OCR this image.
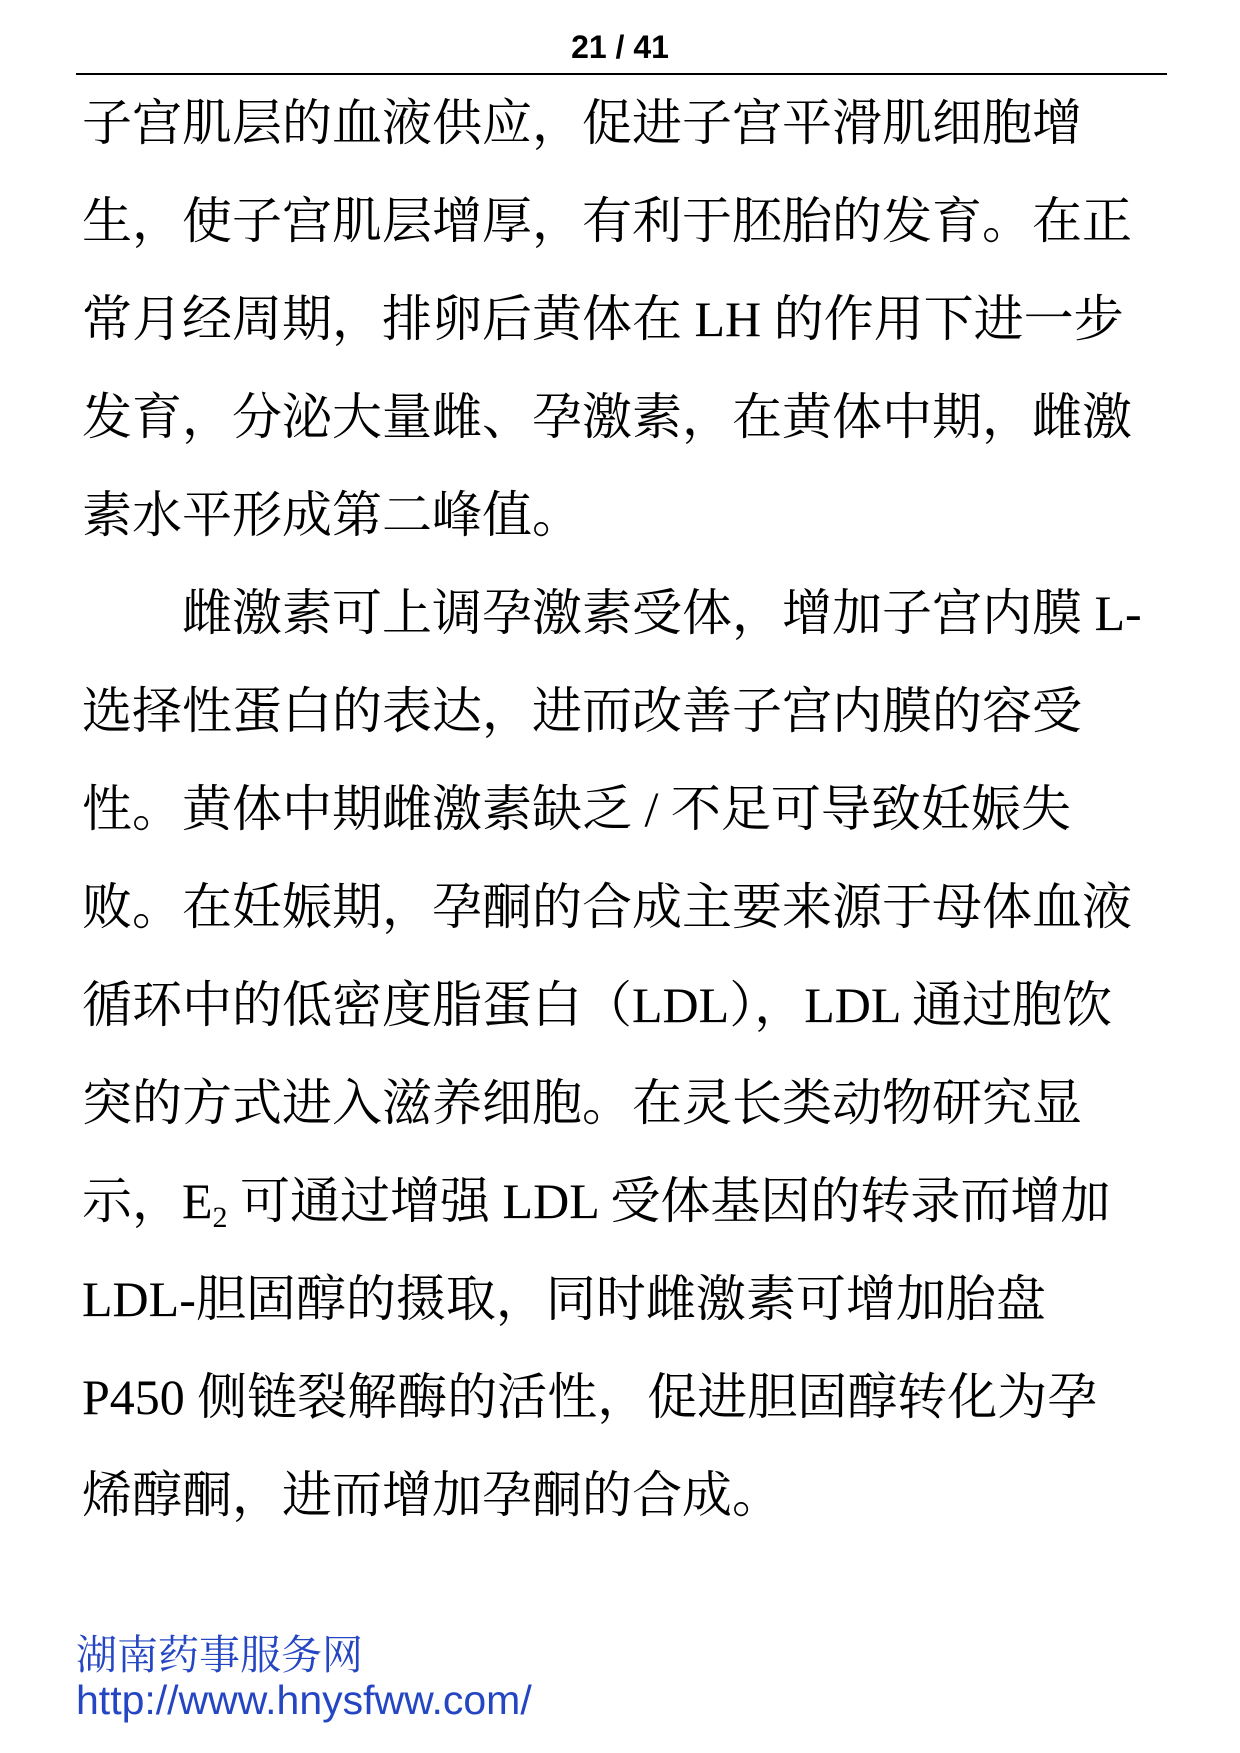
21 / 41
子宫肌层的血液供应，促进子宫平滑肌细胞增
生，使子宫肌层增厚，有利于胚胎的发育。在正
常月经周期，排卵后黄体在 LH 的作用下进一步
发育，分泌大量雌、孕激素，在黄体中期，雌激
素水平形成第二峰值。
雌激素可上调孕激素受体，增加子宫内膜 L-
选择性蛋白的表达，进而改善子宫内膜的容受
性。黄体中期雌激素缺乏 / 不足可导致妊娠失
败。在妊娠期，孕酮的合成主要来源于母体血液
循环中的低密度脂蛋白（LDL），LDL 通过胞饮
突的方式进入滋养细胞。在灵长类动物研究显
示，E2 可通过增强 LDL 受体基因的转录而增加
LDL-胆固醇的摄取，同时雌激素可增加胎盘
P450 侧链裂解酶的活性，促进胆固醇转化为孕
烯醇酮，进而增加孕酮的合成。
湖南药事服务网
http://www.hnysfww.com/
